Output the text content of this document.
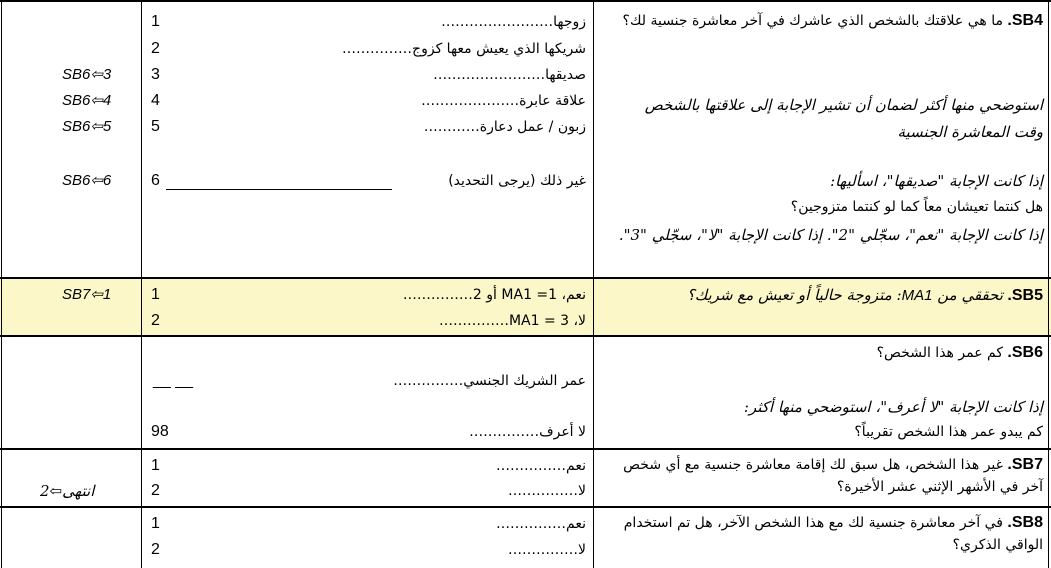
SB4. ما هي علاقتك بالشخص الذي عاشرك في آخر معاشرة جنسية لك؟
استوضحي منها أكثر لضمان أن تشير الإجابة إلى علاقتها بالشخص وقت المعاشرة الجنسية
إذا كانت الإجابة "صديقها"، اسأليها:
هل كنتما تعيشان معاً كما لو كنتما متزوجين؟
إذا كانت الإجابة "نعم"، سجّلي "2". إذا كانت الإجابة "لا"، سجّلي "3".
زوجها……………………
1
شريكها الذي يعيش معها كزوج……………
2
صديقها……………………
3
SB6⇦3
علاقة عابرة…………………
4
SB6⇦4
زبون / عمل دعارة…………
5
SB6⇦5
غير ذلك (يرجى التحديد)
6
SB6⇦6
SB5. تحققي من MA1: متزوجة حالياً أو تعيش مع شريك؟
نعم، MA1 =1 أو 2……………
1
SB7⇦1
لا، MA1 = 3……………
2
SB6. كم عمر هذا الشخص؟
إذا كانت الإجابة "لا أعرف"، استوضحي منها أكثر:
كم يبدو عمر هذا الشخص تقريباً؟
عمر الشريك الجنسي……………
__ __
لا أعرف……………
98
SB7. غير هذا الشخص، هل سبق لك إقامة معاشرة جنسية مع أي شخص آخر في الأشهر الإثني عشر الأخيرة؟
نعم……………
1
لا……………
2
انتهى⇦2
SB8. في آخر معاشرة جنسية لك مع هذا الشخص الآخر، هل تم استخدام الواقي الذكري؟
نعم……………
1
لا……………
2
